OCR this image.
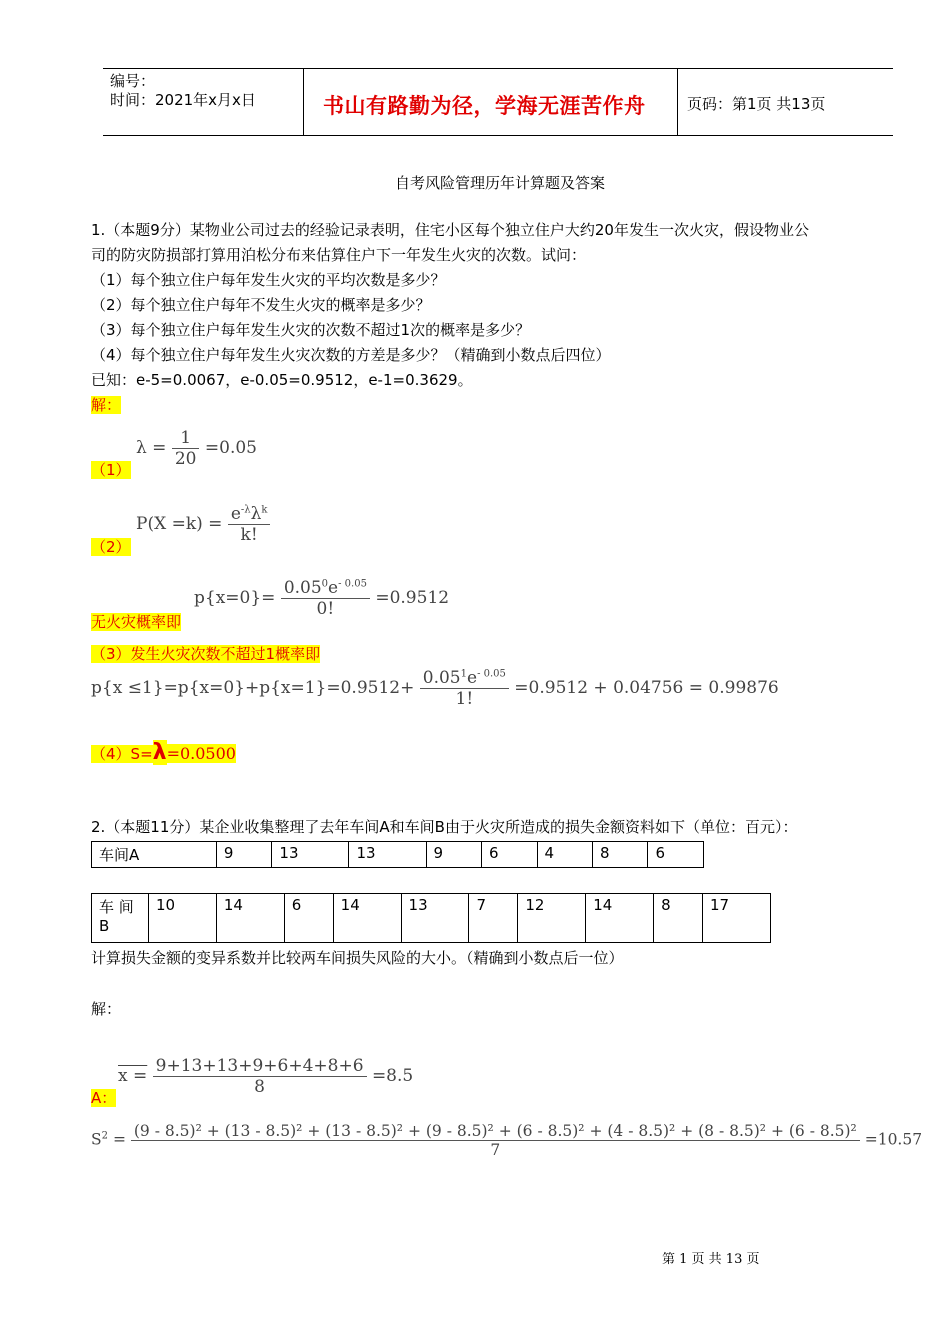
编号：
时间：2021年x月x日	书山有路勤为径，学海无涯苦作舟	页码：第1页 共13页
自考风险管理历年计算题及答案
1.（本题9分）某物业公司过去的经验记录表明，住宅小区每个独立住户大约20年发生一次火灾，假设物业公
司的防灾防损部打算用泊松分布来估算住户下一年发生火灾的次数。试问：
（1）每个独立住户每年发生火灾的平均次数是多少？
（2）每个独立住户每年不发生火灾的概率是多少？
（3）每个独立住户每年发生火灾的次数不超过1次的概率是多少？
（4）每个独立住户每年发生火灾次数的方差是多少？（精确到小数点后四位）
已知：e-5=0.0067，e-0.05=0.9512，e-1=0.3629。
解：
（1）
$\lambda = \frac{1}{20} =0.05$
（2）
$P(X =k) = \frac{e^{-\lambda}\lambda^k}{k!}$
无火灾概率即
$p\{x=0\}= \frac{0.05^0e^{- 0.05}}{0!} =0.9512$
（3）发生火灾次数不超过1概率即
$p\{x \le 1\}=p\{x=0\}+p\{x=1\}=0.9512+ \frac{0.05^1e^{- 0.05}}{1!} =0.9512 + 0.04756 = 0.99876$
（4）S=λ=0.0500
2.（本题11分）某企业收集整理了去年车间A和车间B由于火灾所造成的损失金额资料如下（单位：百元）：
车间A	9	13	13	9	6	4	8	6
车 间
B	10	14	6	14	13	7	12	14	8	17
计算损失金额的变异系数并比较两车间损失风险的大小。（精确到小数点后一位）
解：
A：
$x = \frac{9+13+13+9+6+4+8+6}{8} =8.5$
$S^2 = (9 - 8.5)^2 + (13 - 8.5)^2 + (13 - 8.5)^2 + (9 - 8.5)^2 + (6 - 8.5)^2 + (4 - 8.5)^2 + (8 - 8.5)^2 + (6 - 8.5)^2$
7
=10.57
第 1 页 共 13 页
